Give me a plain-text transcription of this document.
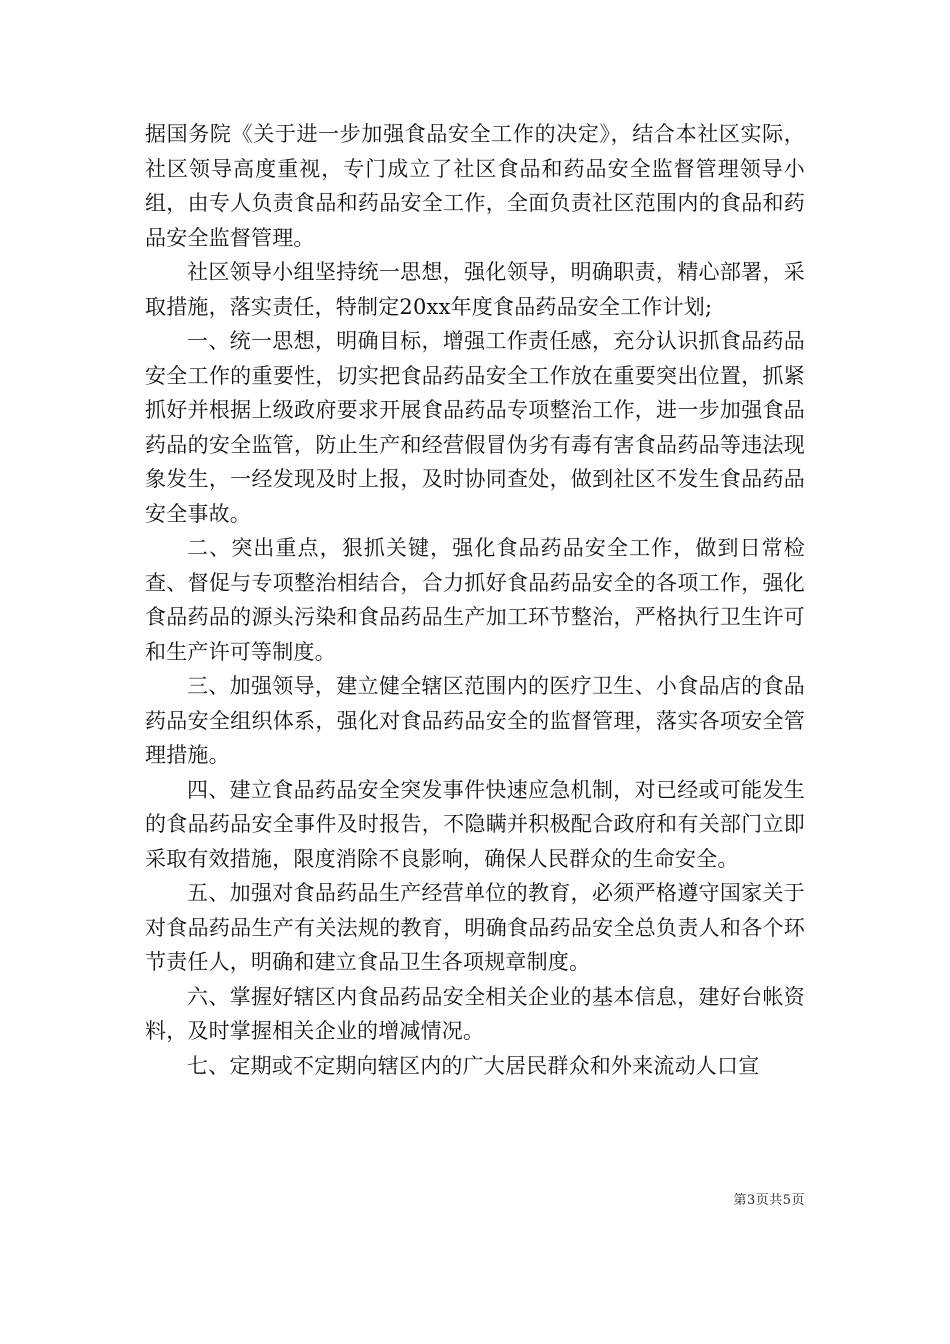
据国务院《关于进一步加强食品安全工作的决定》，结合本社区实际，社区领导高度重视，专门成立了社区食品和药品安全监督管理领导小组，由专人负责食品和药品安全工作，全面负责社区范围内的食品和药品安全监督管理。

社区领导小组坚持统一思想，强化领导，明确职责，精心部署，采取措施，落实责任，特制定20xx年度食品药品安全工作计划;

一、统一思想，明确目标，增强工作责任感，充分认识抓食品药品安全工作的重要性，切实把食品药品安全工作放在重要突出位置，抓紧抓好并根据上级政府要求开展食品药品专项整治工作，进一步加强食品药品的安全监管，防止生产和经营假冒伪劣有毒有害食品药品等违法现象发生，一经发现及时上报，及时协同查处，做到社区不发生食品药品安全事故。

二、突出重点，狠抓关键，强化食品药品安全工作，做到日常检查、督促与专项整治相结合，合力抓好食品药品安全的各项工作，强化食品药品的源头污染和食品药品生产加工环节整治，严格执行卫生许可和生产许可等制度。

三、加强领导，建立健全辖区范围内的医疗卫生、小食品店的食品药品安全组织体系，强化对食品药品安全的监督管理，落实各项安全管理措施。

四、建立食品药品安全突发事件快速应急机制，对已经或可能发生的食品药品安全事件及时报告，不隐瞒并积极配合政府和有关部门立即采取有效措施，限度消除不良影响，确保人民群众的生命安全。

五、加强对食品药品生产经营单位的教育，必须严格遵守国家关于对食品药品生产有关法规的教育，明确食品药品安全总负责人和各个环节责任人，明确和建立食品卫生各项规章制度。

六、掌握好辖区内食品药品安全相关企业的基本信息，建好台帐资料，及时掌握相关企业的增减情况。

七、定期或不定期向辖区内的广大居民群众和外来流动人口宣

第3页共5页
